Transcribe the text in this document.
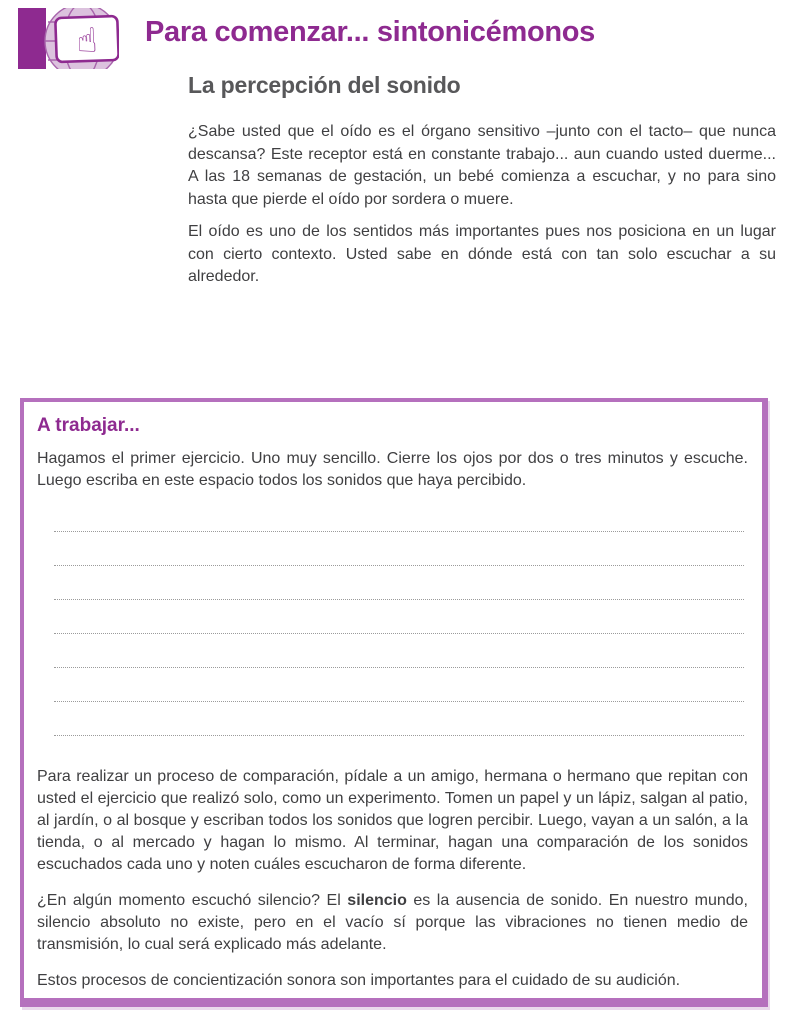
☝ Para comenzar... sintonicémonos
La percepción del sonido

¿Sabe usted que el oído es el órgano sensitivo –junto con el tacto– que nunca descansa? Este receptor está en constante trabajo... aun cuando usted duerme... A las 18 semanas de gestación, un bebé comienza a escuchar, y no para sino hasta que pierde el oído por sordera o muere.

El oído es uno de los sentidos más importantes pues nos posiciona en un lugar con cierto contexto. Usted sabe en dónde está con tan solo escuchar a su alrededor.

A trabajar...

Hagamos el primer ejercicio. Uno muy sencillo. Cierre los ojos por dos o tres minutos y escuche. Luego escriba en este espacio todos los sonidos que haya percibido.

Para realizar un proceso de comparación, pídale a un amigo, hermana o hermano que repitan con usted el ejercicio que realizó solo, como un experimento. Tomen un papel y un lápiz, salgan al patio, al jardín, o al bosque y escriban todos los sonidos que logren percibir. Luego, vayan a un salón, a la tienda, o al mercado y hagan lo mismo. Al terminar, hagan una comparación de los sonidos escuchados cada uno y noten cuáles escucharon de forma diferente.

¿En algún momento escuchó silencio? El silencio es la ausencia de sonido. En nuestro mundo, silencio absoluto no existe, pero en el vacío sí porque las vibraciones no tienen medio de transmisión, lo cual será explicado más adelante.

Estos procesos de concientización sonora son importantes para el cuidado de su audición.
